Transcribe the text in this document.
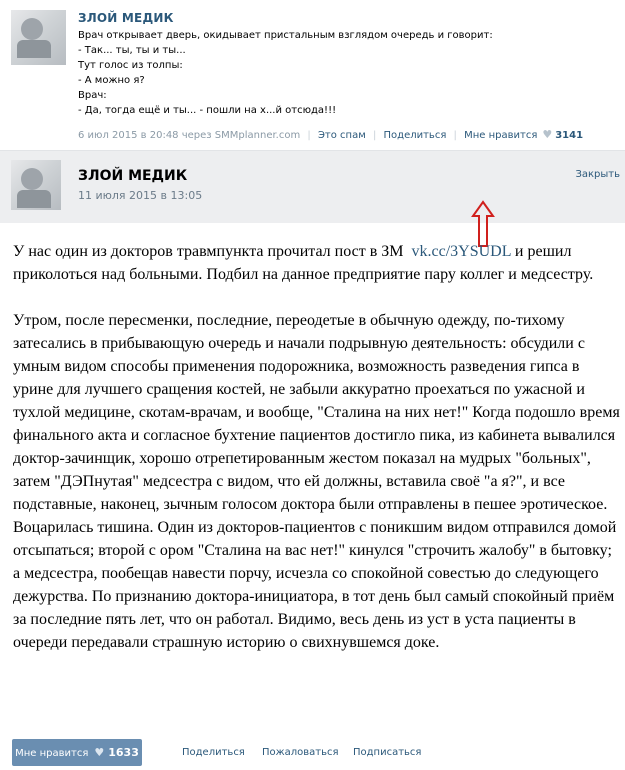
ЗЛОЙ МЕДИК
Врач открывает дверь, окидывает пристальным взглядом очередь и говорит:
- Так... ты, ты и ты...
Тут голос из толпы:
- А можно я?
Врач:
- Да, тогда ещё и ты... - пошли на х...й отсюда!!!
6 июл 2015 в 20:48 через SMMplanner.com | Это спам | Поделиться | Мне нравится ♥ 3141
ЗЛОЙ МЕДИК
11 июля 2015 в 13:05
Закрыть

У нас один из докторов травмпункта прочитал пост в ЗМ vk.cc/3YSUDL и решил приколоться над больными. Подбил на данное предприятие пару коллег и медсестру.

Утром, после пересменки, последние, переодетые в обычную одежду, по-тихому затесались в прибывающую очередь и начали подрывную деятельность: обсудили с умным видом способы применения подорожника, возможность разведения гипса в урине для лучшего сращения костей, не забыли аккуратно проехаться по ужасной и тухлой медицине, скотам-врачам, и вообще, "Сталина на них нет!" Когда подошло время финального акта и согласное бухтение пациентов достигло пика, из кабинета вывалился доктор-зачинщик, хорошо отрепетированным жестом показал на мудрых "больных", затем "ДЭПнутая" медсестра с видом, что ей должны, вставила своё "а я?", и все подставные, наконец, зычным голосом доктора были отправлены в пешее эротическое. Воцарилась тишина. Один из докторов-пациентов с поникшим видом отправился домой отсыпаться; второй с ором "Сталина на вас нет!" кинулся "строчить жалобу" в бытовку; а медсестра, пообещав навести порчу, исчезла со спокойной совестью до следующего дежурства. По признанию доктора-инициатора, в тот день был самый спокойный приём за последние пять лет, что он работал. Видимо, весь день из уст в уста пациенты в очереди передавали страшную историю о свихнувшемся доке.

Мне нравится ♥ 1633	Поделиться Пожаловаться Подписаться
